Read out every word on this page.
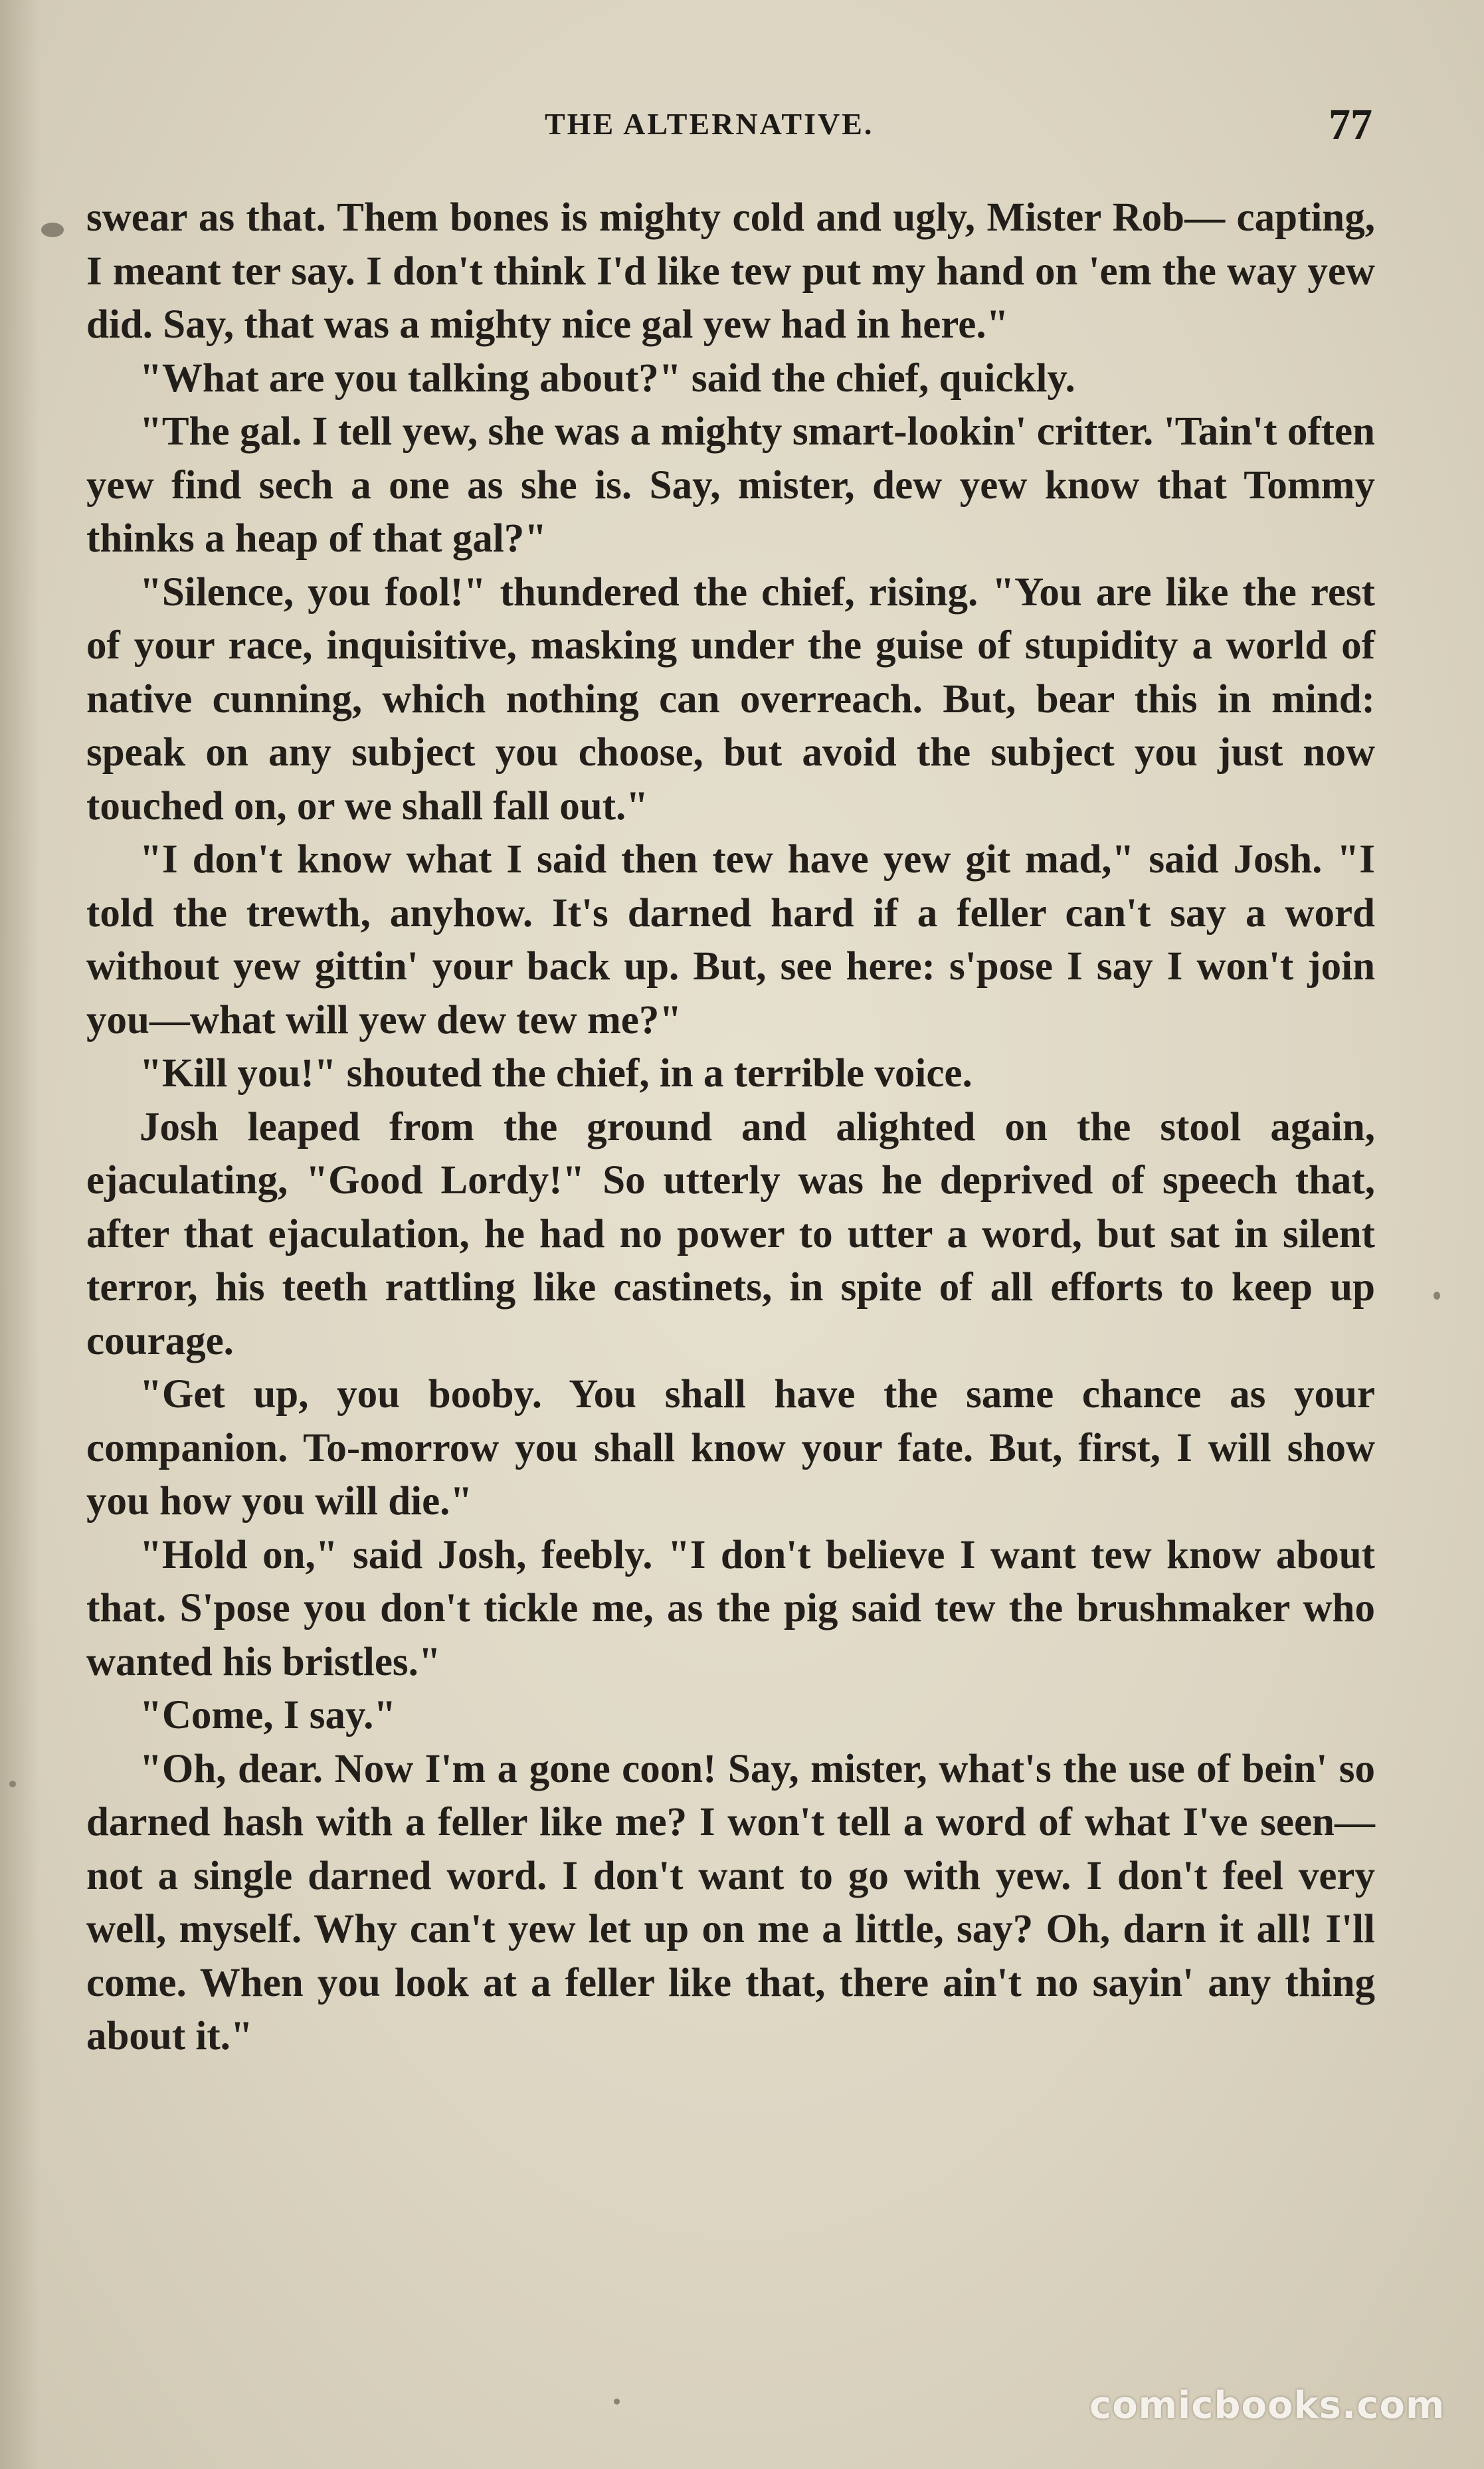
THE ALTERNATIVE.	77

swear as that. Them bones is mighty cold and ugly, Mister Rob— capting, I meant ter say. I don't think I'd like tew put my hand on 'em the way yew did. Say, that was a mighty nice gal yew had in here."

"What are you talking about?" said the chief, quickly.

"The gal. I tell yew, she was a mighty smart-lookin' critter. 'Tain't often yew find sech a one as she is. Say, mister, dew yew know that Tommy thinks a heap of that gal?"

"Silence, you fool!" thundered the chief, rising. "You are like the rest of your race, inquisitive, masking under the guise of stupidity a world of native cunning, which nothing can overreach. But, bear this in mind: speak on any subject you choose, but avoid the subject you just now touched on, or we shall fall out."

"I don't know what I said then tew have yew git mad," said Josh. "I told the trewth, anyhow. It's darned hard if a feller can't say a word without yew gittin' your back up. But, see here: s'pose I say I won't join you—what will yew dew tew me?"

"Kill you!" shouted the chief, in a terrible voice.

Josh leaped from the ground and alighted on the stool again, ejaculating, "Good Lordy!" So utterly was he deprived of speech that, after that ejaculation, he had no power to utter a word, but sat in silent terror, his teeth rattling like castinets, in spite of all efforts to keep up courage.

"Get up, you booby. You shall have the same chance as your companion. To-morrow you shall know your fate. But, first, I will show you how you will die."

"Hold on," said Josh, feebly. "I don't believe I want tew know about that. S'pose you don't tickle me, as the pig said tew the brushmaker who wanted his bristles."

"Come, I say."

"Oh, dear. Now I'm a gone coon! Say, mister, what's the use of bein' so darned hash with a feller like me? I won't tell a word of what I've seen—not a single darned word. I don't want to go with yew. I don't feel very well, myself. Why can't yew let up on me a little, say? Oh, darn it all! I'll come. When you look at a feller like that, there ain't no sayin' any thing about it."

comicbooks.com
